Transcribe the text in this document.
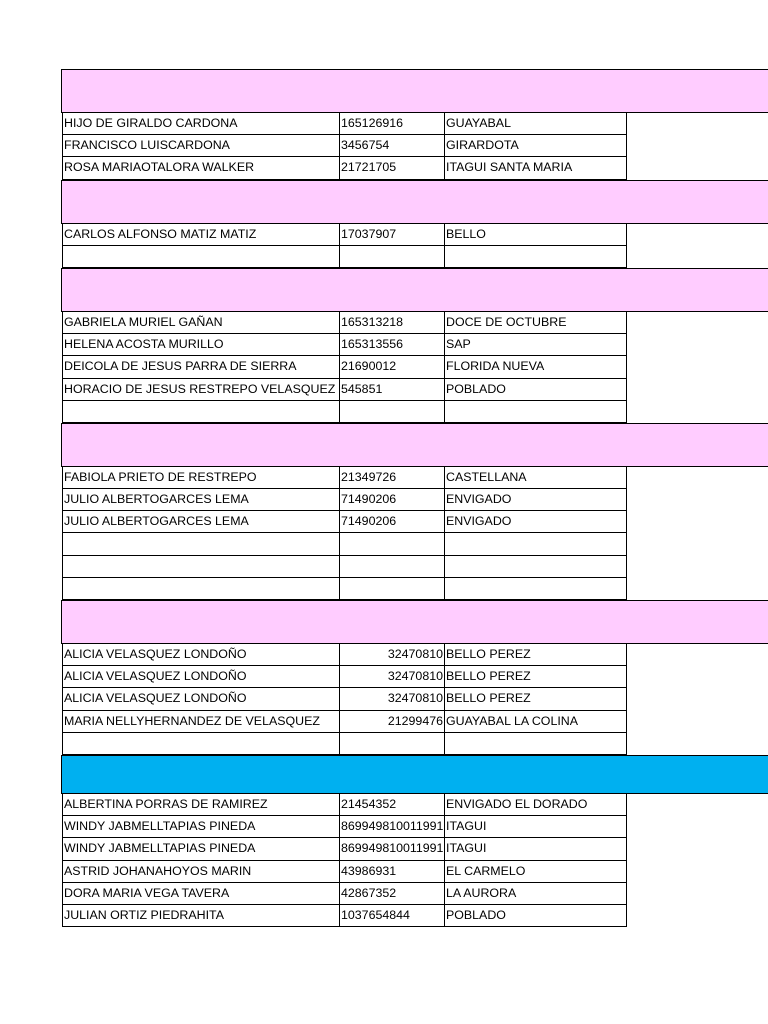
HIJO DE GIRALDO CARDONA	165126916	GUAYABAL
FRANCISCO LUISCARDONA	3456754	GIRARDOTA
ROSA MARIAOTALORA WALKER	21721705	ITAGUI SANTA MARIA
CARLOS ALFONSO MATIZ MATIZ	17037907	BELLO
GABRIELA MURIEL GAÑAN	165313218	DOCE DE OCTUBRE
HELENA ACOSTA MURILLO	165313556	SAP
DEICOLA DE JESUS PARRA DE SIERRA	21690012	FLORIDA NUEVA
HORACIO DE JESUS RESTREPO VELASQUEZ 545851	POBLADO
FABIOLA PRIETO DE RESTREPO	21349726	CASTELLANA
JULIO ALBERTOGARCES LEMA	71490206	ENVIGADO
JULIO ALBERTOGARCES LEMA	71490206	ENVIGADO
ALICIA VELASQUEZ LONDOÑO	32470810 BELLO PEREZ
ALICIA VELASQUEZ LONDOÑO	32470810 BELLO PEREZ
ALICIA VELASQUEZ LONDOÑO	32470810 BELLO PEREZ
MARIA NELLYHERNANDEZ DE VELASQUEZ	21299476 GUAYABAL LA COLINA
ALBERTINA PORRAS DE RAMIREZ	21454352	ENVIGADO EL DORADO
WINDY JABMELLTAPIAS PINEDA	869949810011991 ITAGUI
WINDY JABMELLTAPIAS PINEDA	869949810011991 ITAGUI
ASTRID JOHANAHOYOS MARIN	43986931	EL CARMELO
DORA MARIA VEGA TAVERA	42867352	LA AURORA
JULIAN ORTIZ PIEDRAHITA	1037654844	POBLADO
